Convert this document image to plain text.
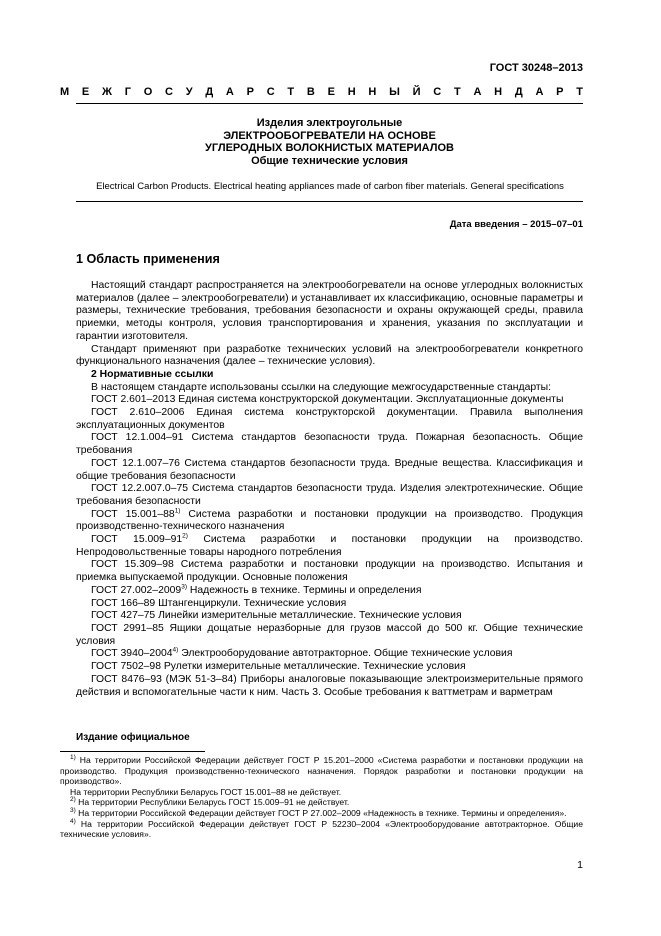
ГОСТ 30248–2013
М Е Ж Г О С У Д А Р С Т В Е Н Н Ы Й С Т А Н Д А Р Т
Изделия электроугольные
ЭЛЕКТРООБОГРЕВАТЕЛИ НА ОСНОВЕ
УГЛЕРОДНЫХ ВОЛОКНИСТЫХ МАТЕРИАЛОВ
Общие технические условия
Electrical Carbon Products. Electrical heating appliances made of carbon fiber materials. General specifications
Дата введения – 2015–07–01
1 Область применения

Настоящий стандарт распространяется на электрообогреватели на основе углеродных волокнистых материалов (далее – электрообогреватели) и устанавливает их классификацию, основные параметры и размеры, технические требования, требования безопасности и охраны окружающей среды, правила приемки, методы контроля, условия транспортирования и хранения, указания по эксплуатации и гарантии изготовителя.

Стандарт применяют при разработке технических условий на электрообогреватели конкретного функционального назначения (далее – технические условия).

2 Нормативные ссылки

В настоящем стандарте использованы ссылки на следующие межгосударственные стандарты:

ГОСТ 2.601–2013 Единая система конструкторской документации. Эксплуатационные документы

ГОСТ 2.610–2006 Единая система конструкторской документации. Правила выполнения эксплуатационных документов

ГОСТ 12.1.004–91 Система стандартов безопасности труда. Пожарная безопасность. Общие требования

ГОСТ 12.1.007–76 Система стандартов безопасности труда. Вредные вещества. Классификация и общие требования безопасности

ГОСТ 12.2.007.0–75 Система стандартов безопасности труда. Изделия электротехнические. Общие требования безопасности

ГОСТ 15.001–88$^{1)}$ Система разработки и постановки продукции на производство. Продукция производственно-технического назначения

ГОСТ 15.009–91$^{2)}$ Система разработки и постановки продукции на производство. Непродовольственные товары народного потребления

ГОСТ 15.309–98 Система разработки и постановки продукции на производство. Испытания и приемка выпускаемой продукции. Основные положения

ГОСТ 27.002–2009$^{3)}$ Надежность в технике. Термины и определения

ГОСТ 166–89 Штангенциркули. Технические условия

ГОСТ 427–75 Линейки измерительные металлические. Технические условия

ГОСТ 2991–85 Ящики дощатые неразборные для грузов массой до 500 кг. Общие технические условия

ГОСТ 3940–2004$^{4)}$ Электрооборудование автотракторное. Общие технические условия

ГОСТ 7502–98 Рулетки измерительные металлические. Технические условия

ГОСТ 8476–93 (МЭК 51-3–84) Приборы аналоговые показывающие электроизмерительные прямого действия и вспомогательные части к ним. Часть 3. Особые требования к ваттметрам и варметрам

Издание официальное

$^{1)}$ На территории Российской Федерации действует ГОСТ Р 15.201–2000 «Система разработки и постановки продукции на производство. Продукция производственно-технического назначения. Порядок разработки и постановки продукции на производство».

На территории Республики Беларусь ГОСТ 15.001–88 не действует.

$^{2)}$ На территории Республики Беларусь ГОСТ 15.009–91 не действует.

$^{3)}$ На территории Российской Федерации действует ГОСТ Р 27.002–2009 «Надежность в технике. Термины и определения».

$^{4)}$ На территории Российской Федерации действует ГОСТ Р 52230–2004 «Электрооборудование автотракторное. Общие технические условия».

1
